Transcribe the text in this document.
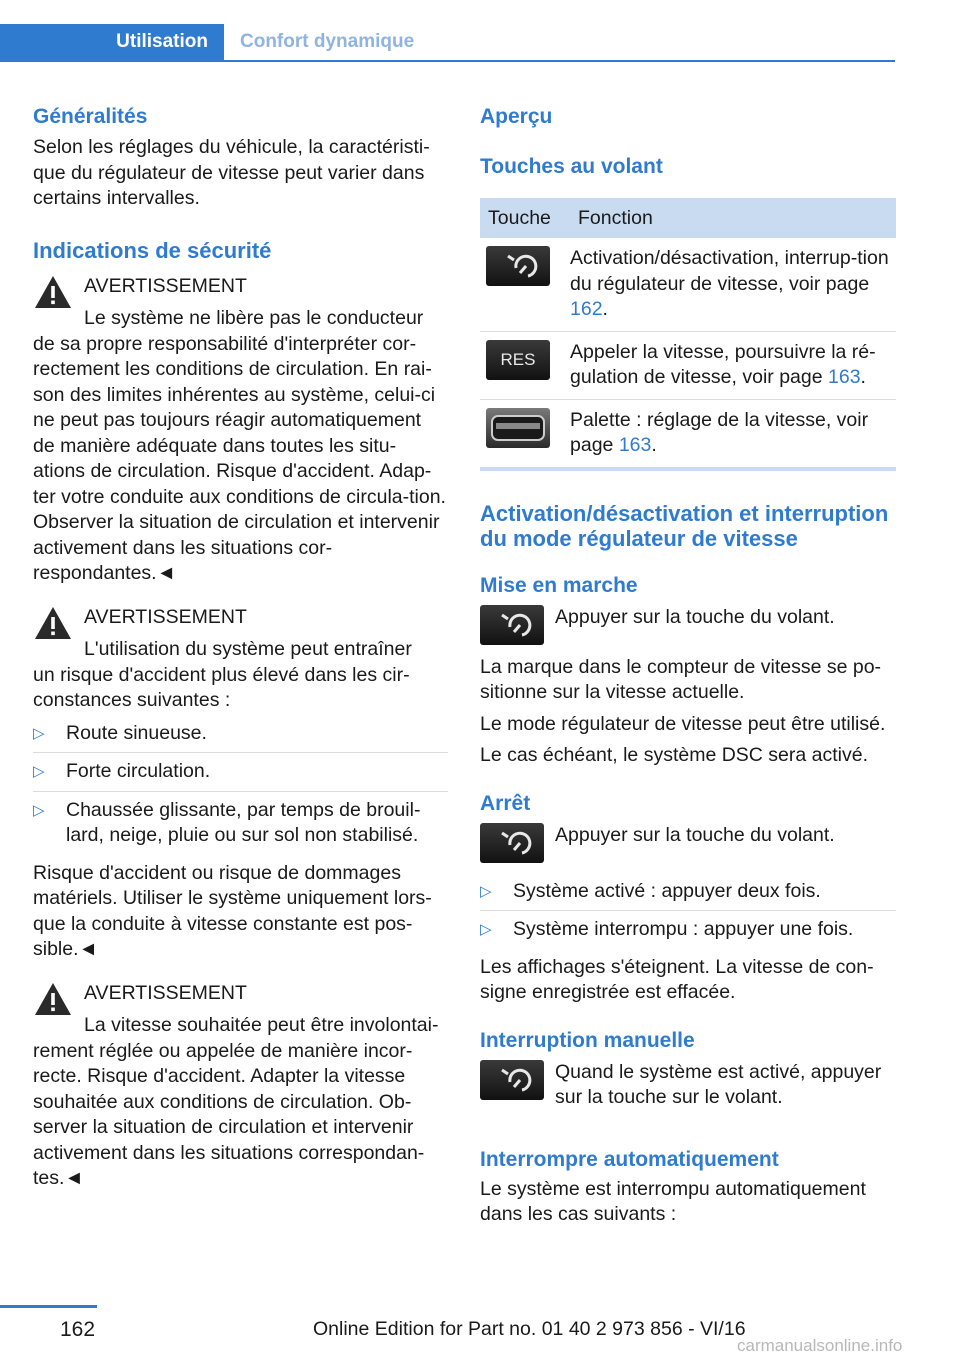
Utilisation	Confort dynamique
Généralités
Selon les réglages du véhicule, la caractéristi-que du régulateur de vitesse peut varier dans certains intervalles.
Indications de sécurité
AVERTISSEMENT
Le système ne libère pas le conducteur
de sa propre responsabilité d'interpréter cor-rectement les conditions de circulation. En rai-son des limites inhérentes au système, celui-ci ne peut pas toujours réagir automatiquement de manière adéquate dans toutes les situ-ations de circulation. Risque d'accident. Adap-ter votre conduite aux conditions de circula-tion. Observer la situation de circulation et intervenir activement dans les situations cor-respondantes.◄
AVERTISSEMENT
L'utilisation du système peut entraîner
un risque d'accident plus élevé dans les cir-constances suivantes :
▷ Route sinueuse.
▷ Forte circulation.
▷ Chaussée glissante, par temps de brouil-lard, neige, pluie ou sur sol non stabilisé.
Risque d'accident ou risque de dommages matériels. Utiliser le système uniquement lors-que la conduite à vitesse constante est pos-sible.◄
AVERTISSEMENT
La vitesse souhaitée peut être involontai-
rement réglée ou appelée de manière incor-recte. Risque d'accident. Adapter la vitesse souhaitée aux conditions de circulation. Ob-server la situation de circulation et intervenir activement dans les situations correspondan-tes.◄
Aperçu
Touches au volant
Touche	Fonction

	Activation/désactivation, interrup-tion du régulateur de vitesse, voir page 162.

RES	Appeler la vitesse, poursuivre la ré-gulation de vitesse, voir page 163.

	Palette : réglage de la vitesse, voir page 163.
Activation/désactivation et interruption du mode régulateur de vitesse
Mise en marche
Appuyer sur la touche du volant.
La marque dans le compteur de vitesse se po-sitionne sur la vitesse actuelle.
Le mode régulateur de vitesse peut être utilisé.
Le cas échéant, le système DSC sera activé.
Arrêt
Appuyer sur la touche du volant.
▷ Système activé : appuyer deux fois.
▷ Système interrompu : appuyer une fois.
Les affichages s'éteignent. La vitesse de con-signe enregistrée est effacée.
Interruption manuelle
Quand le système est activé, appuyer sur la touche sur le volant.
Interrompre automatiquement
Le système est interrompu automatiquement dans les cas suivants :
162	Online Edition for Part no. 01 40 2 973 856 - VI/16
carmanualsonline.info
